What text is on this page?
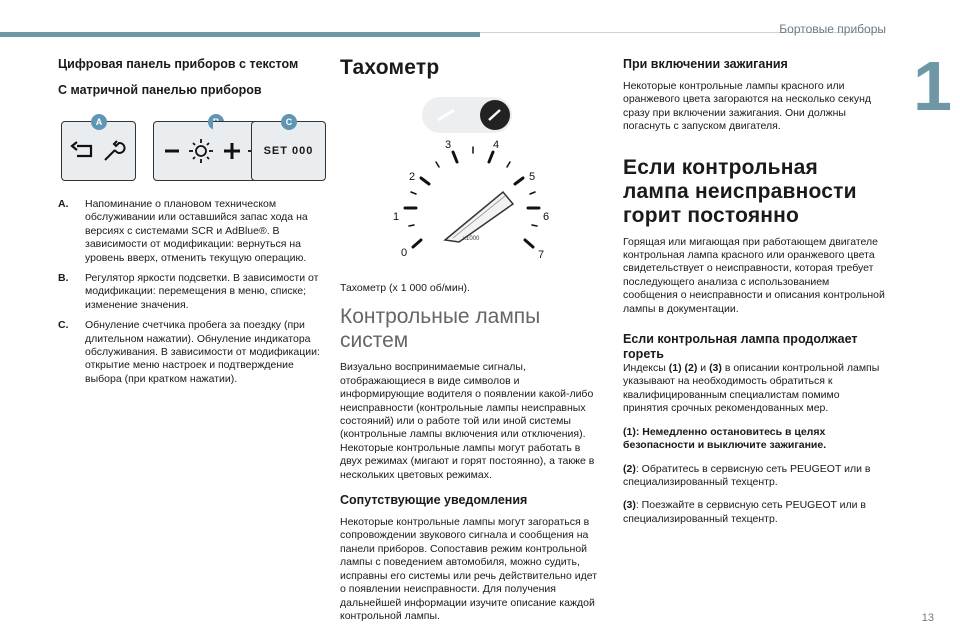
Бортовые приборы
1
13
Цифровая панель приборов с текстом
С матричной панелью приборов
A	C
SET 000
A.	Напоминание о плановом техническом обслуживании или оставшийся запас хода на версиях с системами SCR и AdBlue®. В зависимости от модификации: вернуться на уровень вверх, отменить текущую операцию.
B.	Регулятор яркости подсветки. В зависимости от модификации: перемещения в меню, списке; изменение значения.
C.	Обнуление счетчика пробега за поездку (при длительном нажатии). Обнуление индикатора обслуживания. В зависимости от модификации: открытие меню настроек и подтверждение выбора (при кратком нажатии).
Тахометр
x1000
0
1
2
3	4
5
6
7

Тахометр (x 1 000 об/мин).

Контрольные лампы систем

Визуально воспринимаемые сигналы, отображающиеся в виде символов и информирующие водителя о появлении какой-либо неисправности (контрольные лампы неисправных состояний) или о работе той или иной системы (контрольные лампы включения или отключения). Некоторые контрольные лампы могут работать в двух режимах (мигают и горят постоянно), а также в нескольких цветовых режимах.

Сопутствующие уведомления

Некоторые контрольные лампы могут загораться в сопровождении звукового сигнала и сообщения на панели приборов. Сопоставив режим контрольной лампы с поведением автомобиля, можно судить, исправны его системы или речь действительно идет о появлении неисправности. Для получения дальнейшей информации изучите описание каждой контрольной лампы.

При включении зажигания

Некоторые контрольные лампы красного или оранжевого цвета загораются на несколько секунд сразу при включении зажигания. Они должны погаснуть с запуском двигателя.

Если контрольная лампа неисправности горит постоянно

Горящая или мигающая при работающем двигателе контрольная лампа красного или оранжевого цвета свидетельствует о неисправности, которая требует последующего анализа с использованием сообщения о неисправности и описания контрольной лампы в документации.

Если контрольная лампа продолжает гореть

Индексы (1) (2) и (3) в описании контрольной лампы указывают на необходимость обратиться к квалифицированным специалистам помимо принятия срочных рекомендованных мер.

(1): Немедленно остановитесь в целях безопасности и выключите зажигание.

(2): Обратитесь в сервисную сеть PEUGEOT или в специализированный техцентр.

(3): Поезжайте в сервисную сеть PEUGEOT или в специализированный техцентр.
